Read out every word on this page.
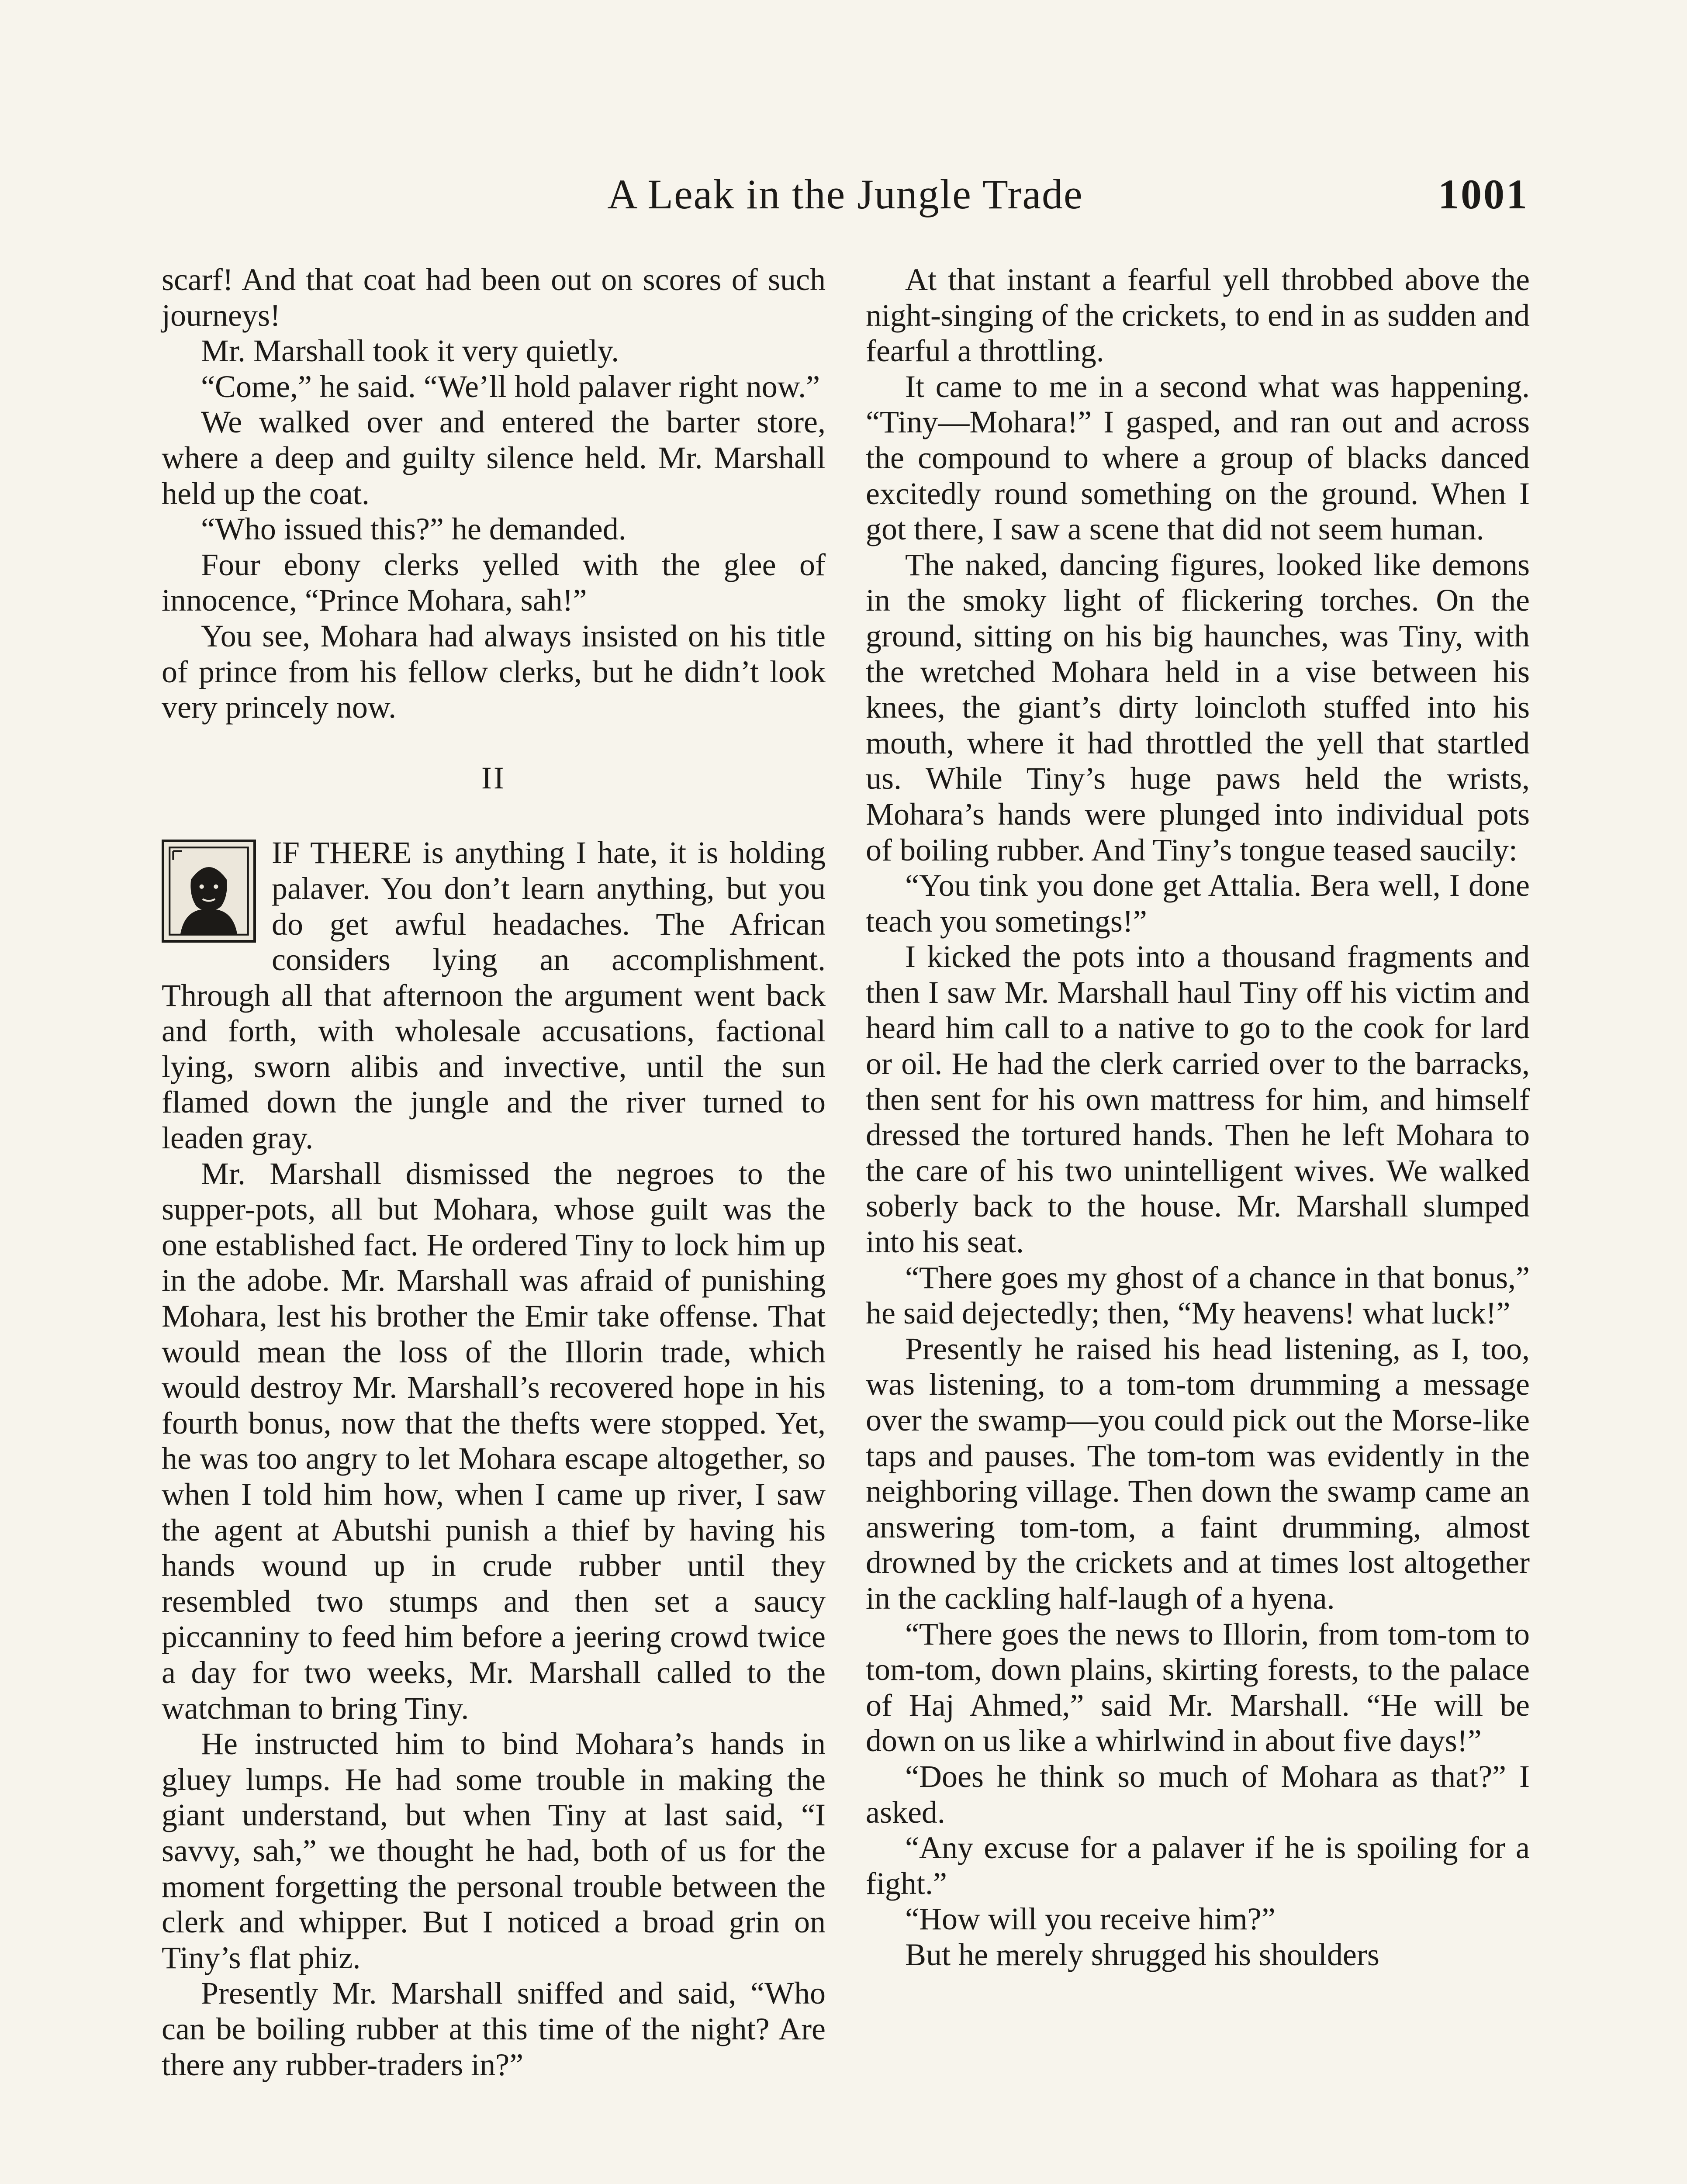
A Leak in the Jungle Trade	1001

scarf! And that coat had been out on scores of such journeys!

Mr. Marshall took it very quietly.

“Come,” he said. “We’ll hold palaver right now.”

We walked over and entered the barter store, where a deep and guilty silence held. Mr. Marshall held up the coat.

“Who issued this?” he demanded.

Four ebony clerks yelled with the glee of innocence, “Prince Mohara, sah!”

You see, Mohara had always insisted on his title of prince from his fellow clerks, but he didn’t look very princely now.

II

IF THERE is anything I hate, it is holding palaver. You don’t learn anything, but you do get awful headaches. The African considers lying an accomplishment. Through all that afternoon the argument went back and forth, with wholesale accusations, factional lying, sworn alibis and invective, until the sun flamed down the jungle and the river turned to leaden gray.

Mr. Marshall dismissed the negroes to the supper-pots, all but Mohara, whose guilt was the one established fact. He ordered Tiny to lock him up in the adobe. Mr. Marshall was afraid of punishing Mohara, lest his brother the Emir take offense. That would mean the loss of the Illorin trade, which would destroy Mr. Marshall’s recovered hope in his fourth bonus, now that the thefts were stopped. Yet, he was too angry to let Mohara escape altogether, so when I told him how, when I came up river, I saw the agent at Abutshi punish a thief by having his hands wound up in crude rubber until they resembled two stumps and then set a saucy piccanniny to feed him before a jeering crowd twice a day for two weeks, Mr. Marshall called to the watchman to bring Tiny.

He instructed him to bind Mohara’s hands in gluey lumps. He had some trouble in making the giant understand, but when Tiny at last said, “I savvy, sah,” we thought he had, both of us for the moment forgetting the personal trouble between the clerk and whipper. But I noticed a broad grin on Tiny’s flat phiz.

Presently Mr. Marshall sniffed and said, “Who can be boiling rubber at this time of the night? Are there any rubber-traders in?”

At that instant a fearful yell throbbed above the night-singing of the crickets, to end in as sudden and fearful a throttling.

It came to me in a second what was happening. “Tiny—Mohara!” I gasped, and ran out and across the compound to where a group of blacks danced excitedly round something on the ground. When I got there, I saw a scene that did not seem human.

The naked, dancing figures, looked like demons in the smoky light of flickering torches. On the ground, sitting on his big haunches, was Tiny, with the wretched Mohara held in a vise between his knees, the giant’s dirty loincloth stuffed into his mouth, where it had throttled the yell that startled us. While Tiny’s huge paws held the wrists, Mohara’s hands were plunged into individual pots of boiling rubber. And Tiny’s tongue teased saucily:

“You tink you done get Attalia. Bera well, I done teach you sometings!”

I kicked the pots into a thousand fragments and then I saw Mr. Marshall haul Tiny off his victim and heard him call to a native to go to the cook for lard or oil. He had the clerk carried over to the barracks, then sent for his own mattress for him, and himself dressed the tortured hands. Then he left Mohara to the care of his two unintelligent wives. We walked soberly back to the house. Mr. Marshall slumped into his seat.

“There goes my ghost of a chance in that bonus,” he said dejectedly; then, “My heavens! what luck!”

Presently he raised his head listening, as I, too, was listening, to a tom-tom drumming a message over the swamp—you could pick out the Morse-like taps and pauses. The tom-tom was evidently in the neighboring village. Then down the swamp came an answering tom-tom, a faint drumming, almost drowned by the crickets and at times lost altogether in the cackling half-laugh of a hyena.

“There goes the news to Illorin, from tom-tom to tom-tom, down plains, skirting forests, to the palace of Haj Ahmed,” said Mr. Marshall. “He will be down on us like a whirlwind in about five days!”

“Does he think so much of Mohara as that?” I asked.

“Any excuse for a palaver if he is spoiling for a fight.”

“How will you receive him?”

But he merely shrugged his shoulders
